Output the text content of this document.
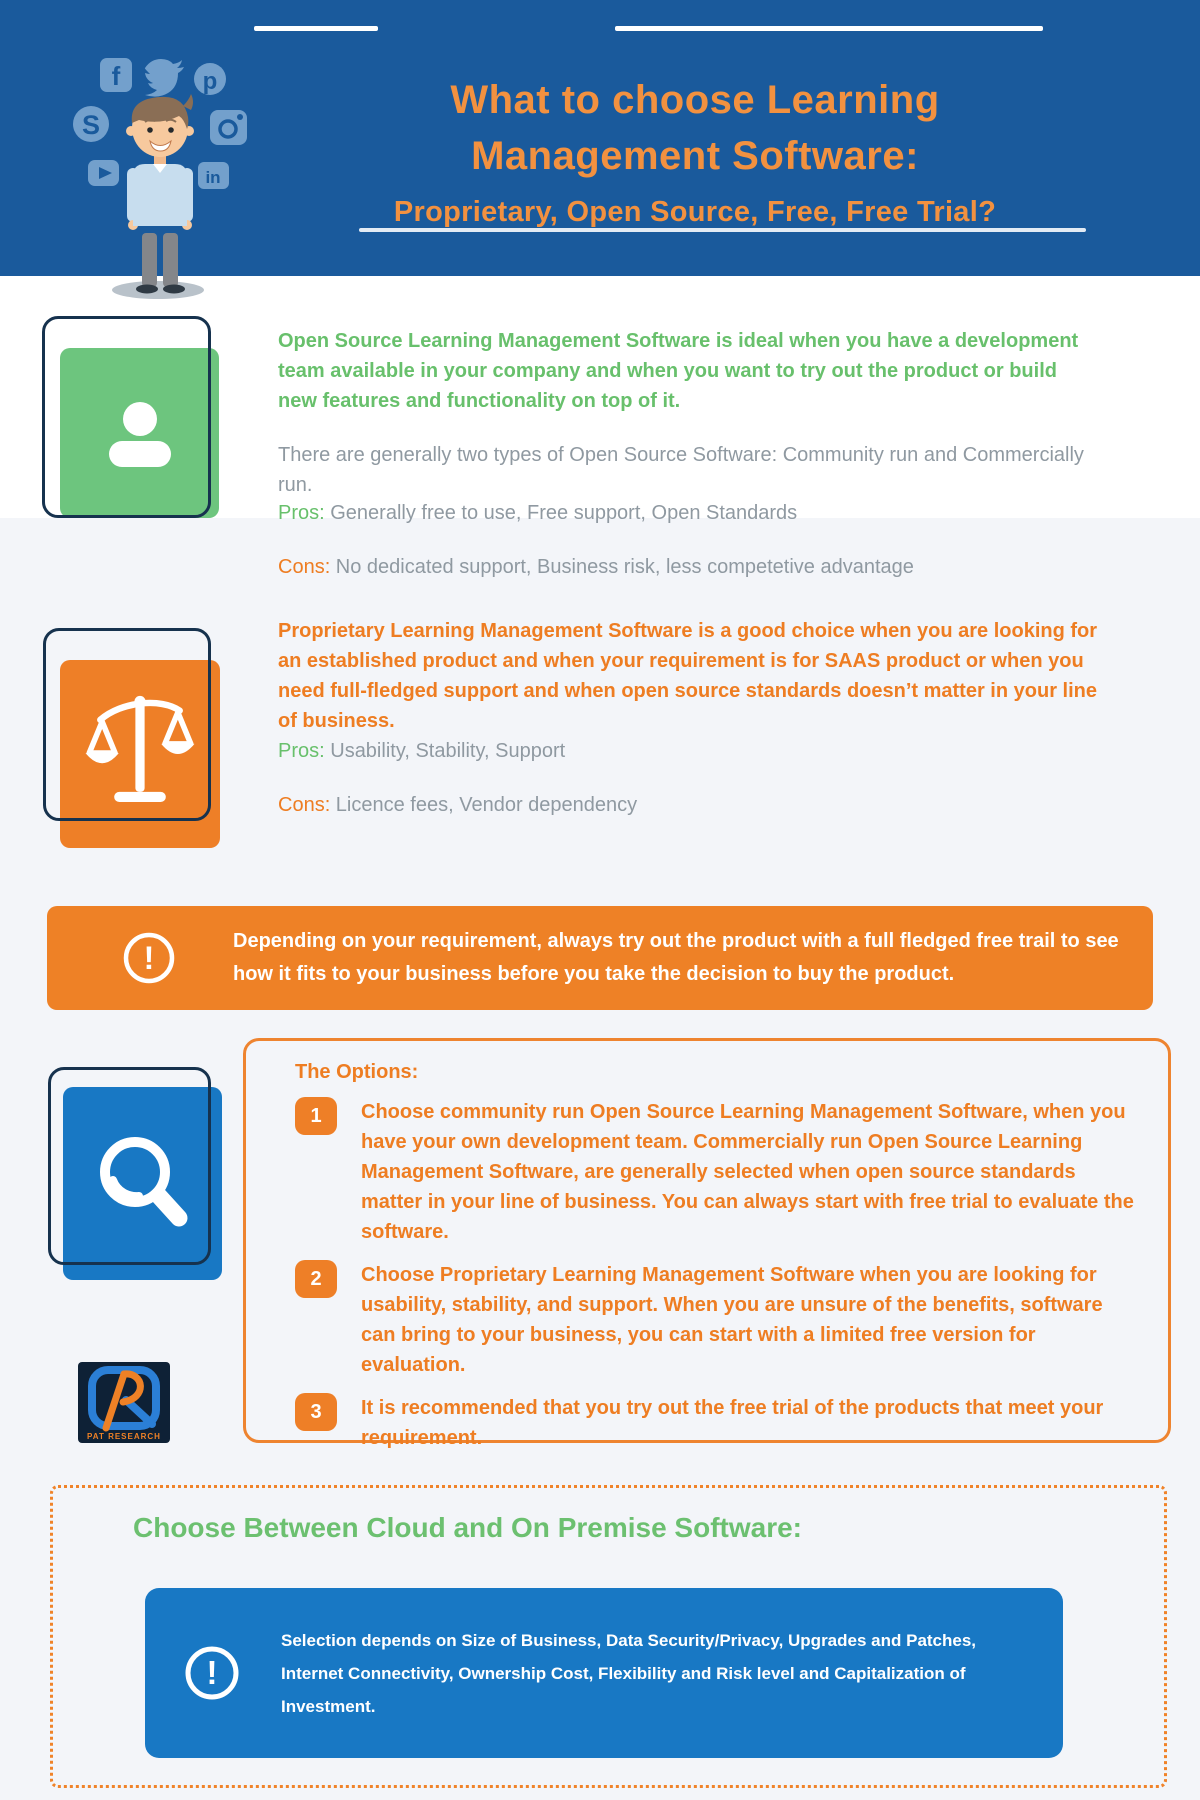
What to choose Learning
Management Software:
Proprietary, Open Source, Free, Free Trial?
f	p
S
in
Open Source Learning Management Software is ideal when you have a development team available in your company and when you want to try out the product or build new features and functionality on top of it.
There are generally two types of Open Source Software: Community run and Commercially run.
Pros: Generally free to use, Free support, Open Standards
Cons: No dedicated support, Business risk, less competetive advantage
Proprietary Learning Management Software is a good choice when you are looking for an established product and when your requirement is for SAAS product or when you need full-fledged support and when open source standards doesn’t matter in your line of business.
Pros: Usability, Stability, Support
Cons: Licence fees, Vendor dependency
!	Depending on your requirement, always try out the product with a full fledged free trail to see how it fits to your business before you take the decision to buy the product.
The Options:
1	Choose community run Open Source Learning Management Software, when you have your own development team. Commercially run Open Source Learning Management Software, are generally selected when open source standards matter in your line of business. You can always start with free trial to evaluate the software.
2	Choose Proprietary Learning Management Software when you are looking for usability, stability, and support. When you are unsure of the benefits, software can bring to your business, you can start with a limited free version for evaluation.
3	It is recommended that you try out the free trial of the products that meet your requirement.
PAT RESEARCH
Choose Between Cloud and On Premise Software:
!
Selection depends on Size of Business, Data Security/Privacy, Upgrades and Patches, Internet Connectivity, Ownership Cost, Flexibility and Risk level and Capitalization of Investment.
